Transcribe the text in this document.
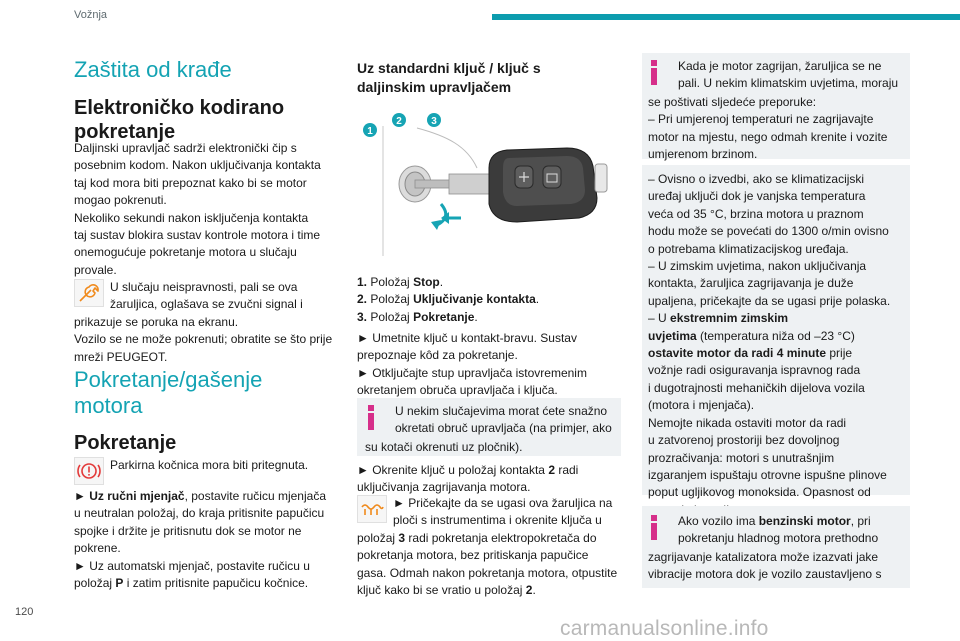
Vožnja
Zaštita od krađe
Elektroničko kodirano
pokretanje

Daljinski upravljač sadrži elektronički čip s

posebnim kodom. Nakon uključivanja kontakta

taj kod mora biti prepoznat kako bi se motor

mogao pokrenuti.

Nekoliko sekundi nakon isključenja kontakta

taj sustav blokira sustav kontrole motora i time

onemogućuje pokretanje motora u slučaju

provale.

U slučaju neispravnosti, pali se ova

žaruljica, oglašava se zvučni signal i

prikazuje se poruka na ekranu.

Vozilo se ne može pokrenuti; obratite se što prije

mreži PEUGEOT.

Pokretanje/gašenje
motora
Pokretanje

Parkirna kočnica mora biti pritegnuta.

► Uz ručni mjenjač, postavite ručicu mjenjača

u neutralan položaj, do kraja pritisnite papučicu

spojke i držite je pritisnutu dok se motor ne

pokrene.

► Uz automatski mjenjač, postavite ručicu u

položaj P i zatim pritisnite papučicu kočnice.

Uz standardni ključ / ključ s
daljinskim upravljačem
1
2	3

1. Položaj Stop.

2. Položaj Uključivanje kontakta.

3. Položaj Pokretanje.

► Umetnite ključ u kontakt-bravu. Sustav

prepoznaje kôd za pokretanje.

► Otključajte stup upravljača istovremenim

okretanjem obruča upravljača i ključa.

U nekim slučajevima morat ćete snažno

okretati obruč upravljača (na primjer, ako

su kotači okrenuti uz pločnik).

► Okrenite ključ u položaj kontakta 2 radi

uključivanja zagrijavanja motora.

► Pričekajte da se ugasi ova žaruljica na

ploči s instrumentima i okrenite ključa u

položaj 3 radi pokretanja elektropokretača do

pokretanja motora, bez pritiskanja papučice

gasa. Odmah nakon pokretanja motora, otpustite

ključ kako bi se vratio u položaj 2.

Kada je motor zagrijan, žaruljica se ne

pali. U nekim klimatskim uvjetima, moraju

se poštivati sljedeće preporuke:

– Pri umjerenoj temperaturi ne zagrijavajte

motor na mjestu, nego odmah krenite i vozite

umjerenom brzinom.

– Ovisno o izvedbi, ako se klimatizacijski

uređaj uključi dok je vanjska temperatura

veća od 35 °C, brzina motora u praznom

hodu može se povećati do 1300 o/min ovisno

o potrebama klimatizacijskog uređaja.

– U zimskim uvjetima, nakon uključivanja

kontakta, žaruljica zagrijavanja je duže

upaljena, pričekajte da se ugasi prije polaska.

– U ekstremnim zimskim

uvjetima (temperatura niža od –23 °C)

ostavite motor da radi 4 minute prije

vožnje radi osiguravanja ispravnog rada

i dugotrajnosti mehaničkih dijelova vozila

(motora i mjenjača).

Nemojte nikada ostaviti motor da radi

u zatvorenoj prostoriji bez dovoljnog

prozračivanja: motori s unutrašnjim

izgaranjem ispuštaju otrovne ispušne plinove

poput ugljikovog monoksida. Opasnost od

Ako vozilo ima benzinski motor, pri

pokretanju hladnog motora prethodno

zagrijavanje katalizatora može izazvati jake

vibracije motora dok je vozilo zaustavljeno s

120
carmanualsonline.info
